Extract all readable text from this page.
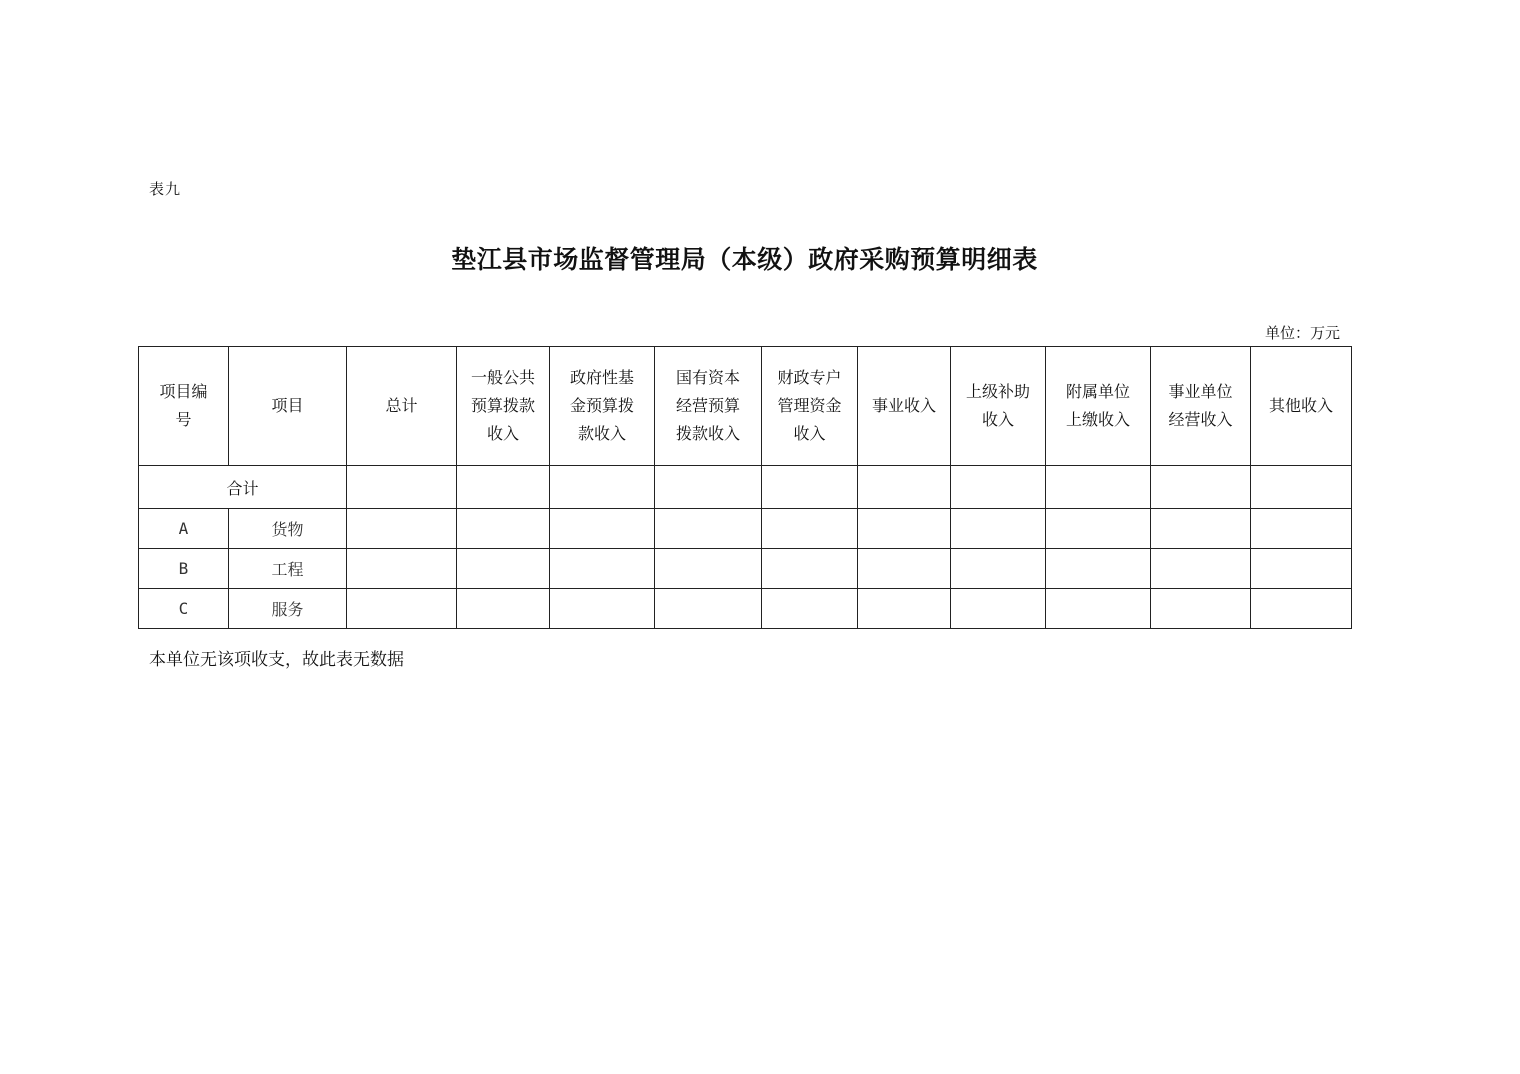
表九
垫江县市场监督管理局（本级）政府采购预算明细表
单位：万元
项目编号	项目	总计	一般公共预算拨款收入	政府性基金预算拨款收入	国有资本经营预算拨款收入	财政专户管理资金收入	事业收入	上级补助收入	附属单位上缴收入	事业单位经营收入	其他收入
合计											
A	货物										
B	工程										
C	服务										
本单位无该项收支，故此表无数据
